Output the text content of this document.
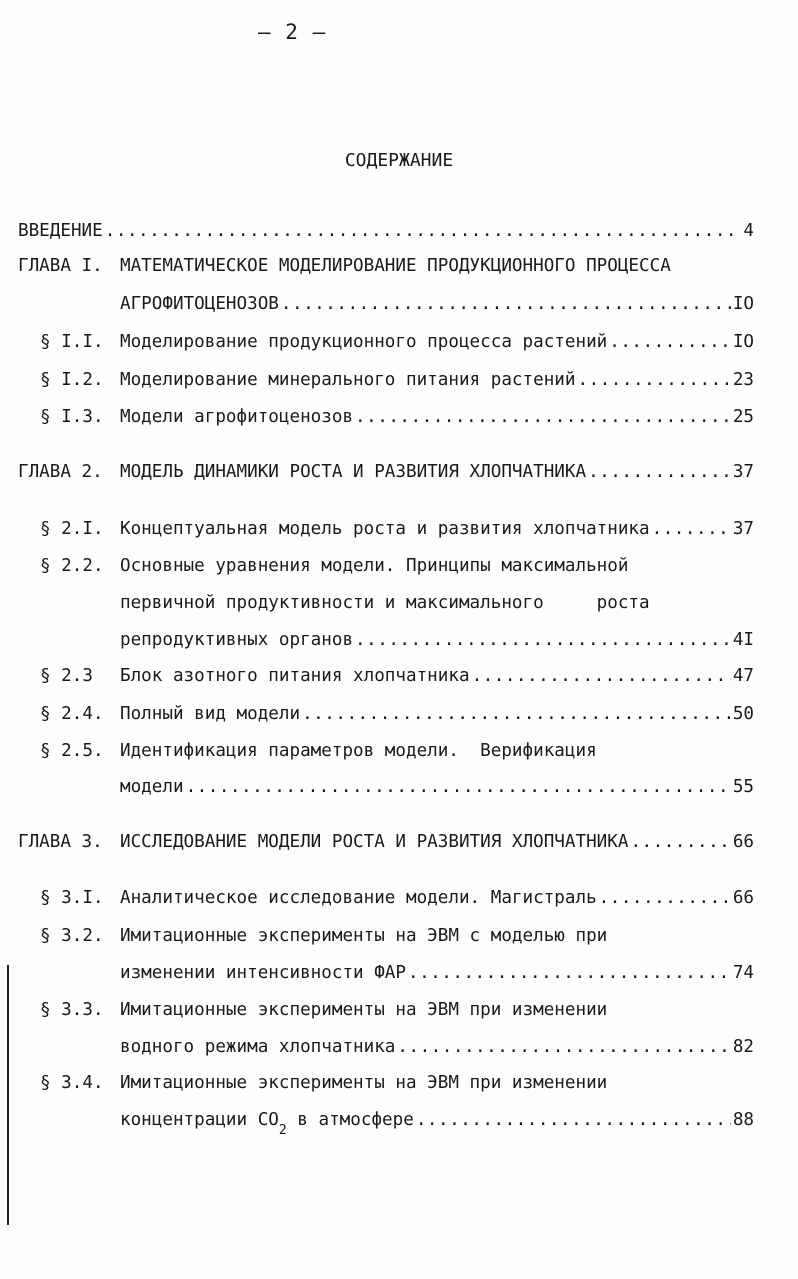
– 2 –
СОДЕРЖАНИЕ
ВВЕДЕНИЕ .....	4
ГЛАВА I. МАТЕМАТИЧЕСКОЕ МОДЕЛИРОВАНИЕ ПРОДУКЦИОННОГО ПРОЦЕССА
АГРОФИТОЦЕНОЗОВ .....	IO
§ I.I. Моделирование продукционного процесса растений .....	IO
§ I.2. Моделирование минерального питания растений .....	23
§ I.3. Модели агрофитоценозов .....	25
ГЛАВА 2. МОДЕЛЬ ДИНАМИКИ РОСТА И РАЗВИТИЯ ХЛОПЧАТНИКА .....	37
§ 2.I. Концептуальная модель роста и развития хлопчатника .....	37
§ 2.2. Основные уравнения модели. Принципы максимальной
первичной продуктивности и максимального     роста
репродуктивных органов .....	4I
§ 2.3 Блок азотного питания хлопчатника .....	47
§ 2.4. Полный вид модели .....	50
§ 2.5. Идентификация параметров модели.  Верификация
модели .....	55
ГЛАВА 3. ИССЛЕДОВАНИЕ МОДЕЛИ РОСТА И РАЗВИТИЯ ХЛОПЧАТНИКА .....	66
§ 3.I. Аналитическое исследование модели. Магистраль .....	66
§ 3.2. Имитационные эксперименты на ЭВМ с моделью при
изменении интенсивности ФАР .....	74
§ 3.3. Имитационные эксперименты на ЭВМ при изменении
водного режима хлопчатника .....	82
§ 3.4. Имитационные эксперименты на ЭВМ при изменении
концентрации $СО_2$ в атмосфере .....	88
